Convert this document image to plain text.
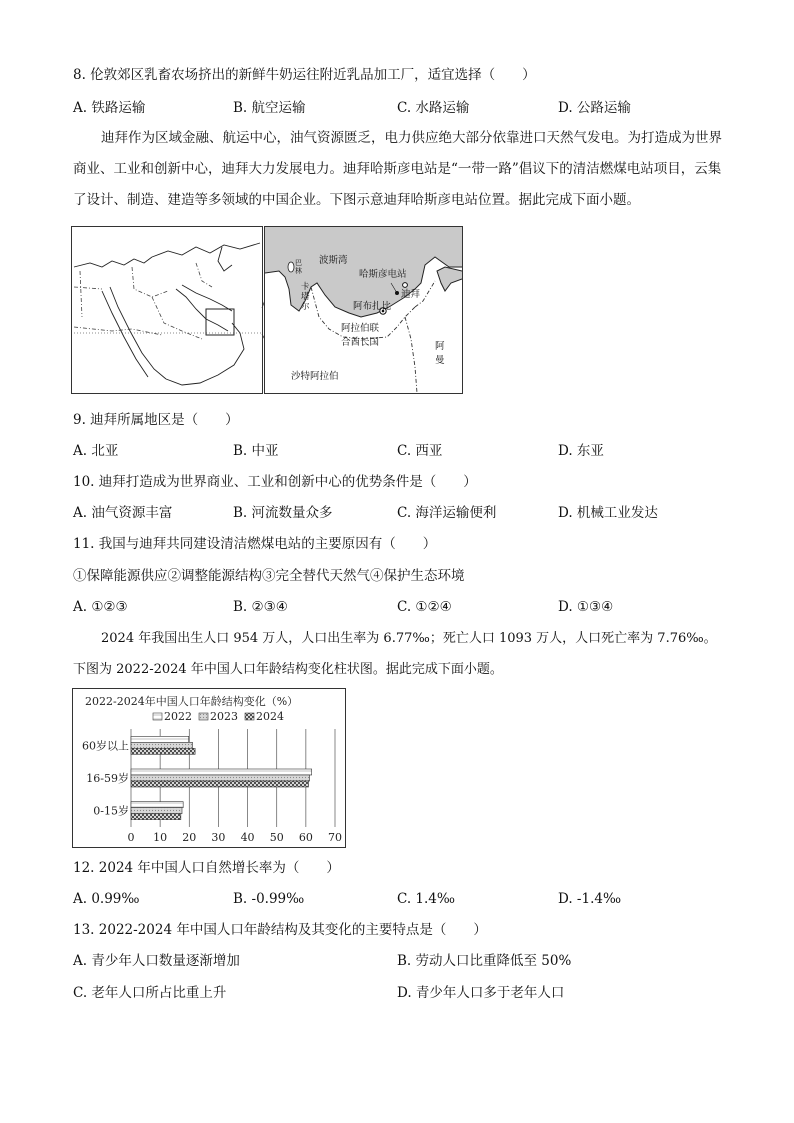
8. 伦敦郊区乳畜农场挤出的新鲜牛奶运往附近乳品加工厂，适宜选择（　　）
A. 铁路运输	B. 航空运输	C. 水路运输	D. 公路运输
迪拜作为区域金融、航运中心，油气资源匮乏，电力供应绝大部分依靠进口天然气发电。为打造成为世界商业、工业和创新中心，迪拜大力发展电力。迪拜哈斯彦电站是“一带一路”倡议下的清洁燃煤电站项目，云集了设计、制造、建造等多领域的中国企业。下图示意迪拜哈斯彦电站位置。据此完成下面小题。
波斯湾
哈斯彦电站
迪拜
阿布扎比
阿拉伯联
合酋长国	阿
曼
沙特阿拉伯
巴
林
卡
塔
尔
9. 迪拜所属地区是（　　）
A. 北亚	B. 中亚	C. 西亚	D. 东亚
10. 迪拜打造成为世界商业、工业和创新中心的优势条件是（　　）
A. 油气资源丰富	B. 河流数量众多	C. 海洋运输便利	D. 机械工业发达
11. 我国与迪拜共同建设清洁燃煤电站的主要原因有（　　）
①保障能源供应②调整能源结构③完全替代天然气④保护生态环境
A. ①②③	B. ②③④	C. ①②④	D. ①③④
2024 年我国出生人口 954 万人，人口出生率为 6.77‰；死亡人口 1093 万人，人口死亡率为 7.76‰。
下图为 2022-2024 年中国人口年龄结构变化柱状图。据此完成下面小题。
2022-2024年中国人口年龄结构变化（%）
2022 2023 2024
60岁以上
16-59岁
0-15岁
0 10 20 30 40 50 60 70
12. 2024 年中国人口自然增长率为（　　）
A. 0.99‰	B. -0.99‰	C. 1.4‰	D. -1.4‰
13. 2022-2024 年中国人口年龄结构及其变化的主要特点是（　　）
A. 青少年人口数量逐渐增加	B. 劳动人口比重降低至 50%
C. 老年人口所占比重上升	D. 青少年人口多于老年人口
